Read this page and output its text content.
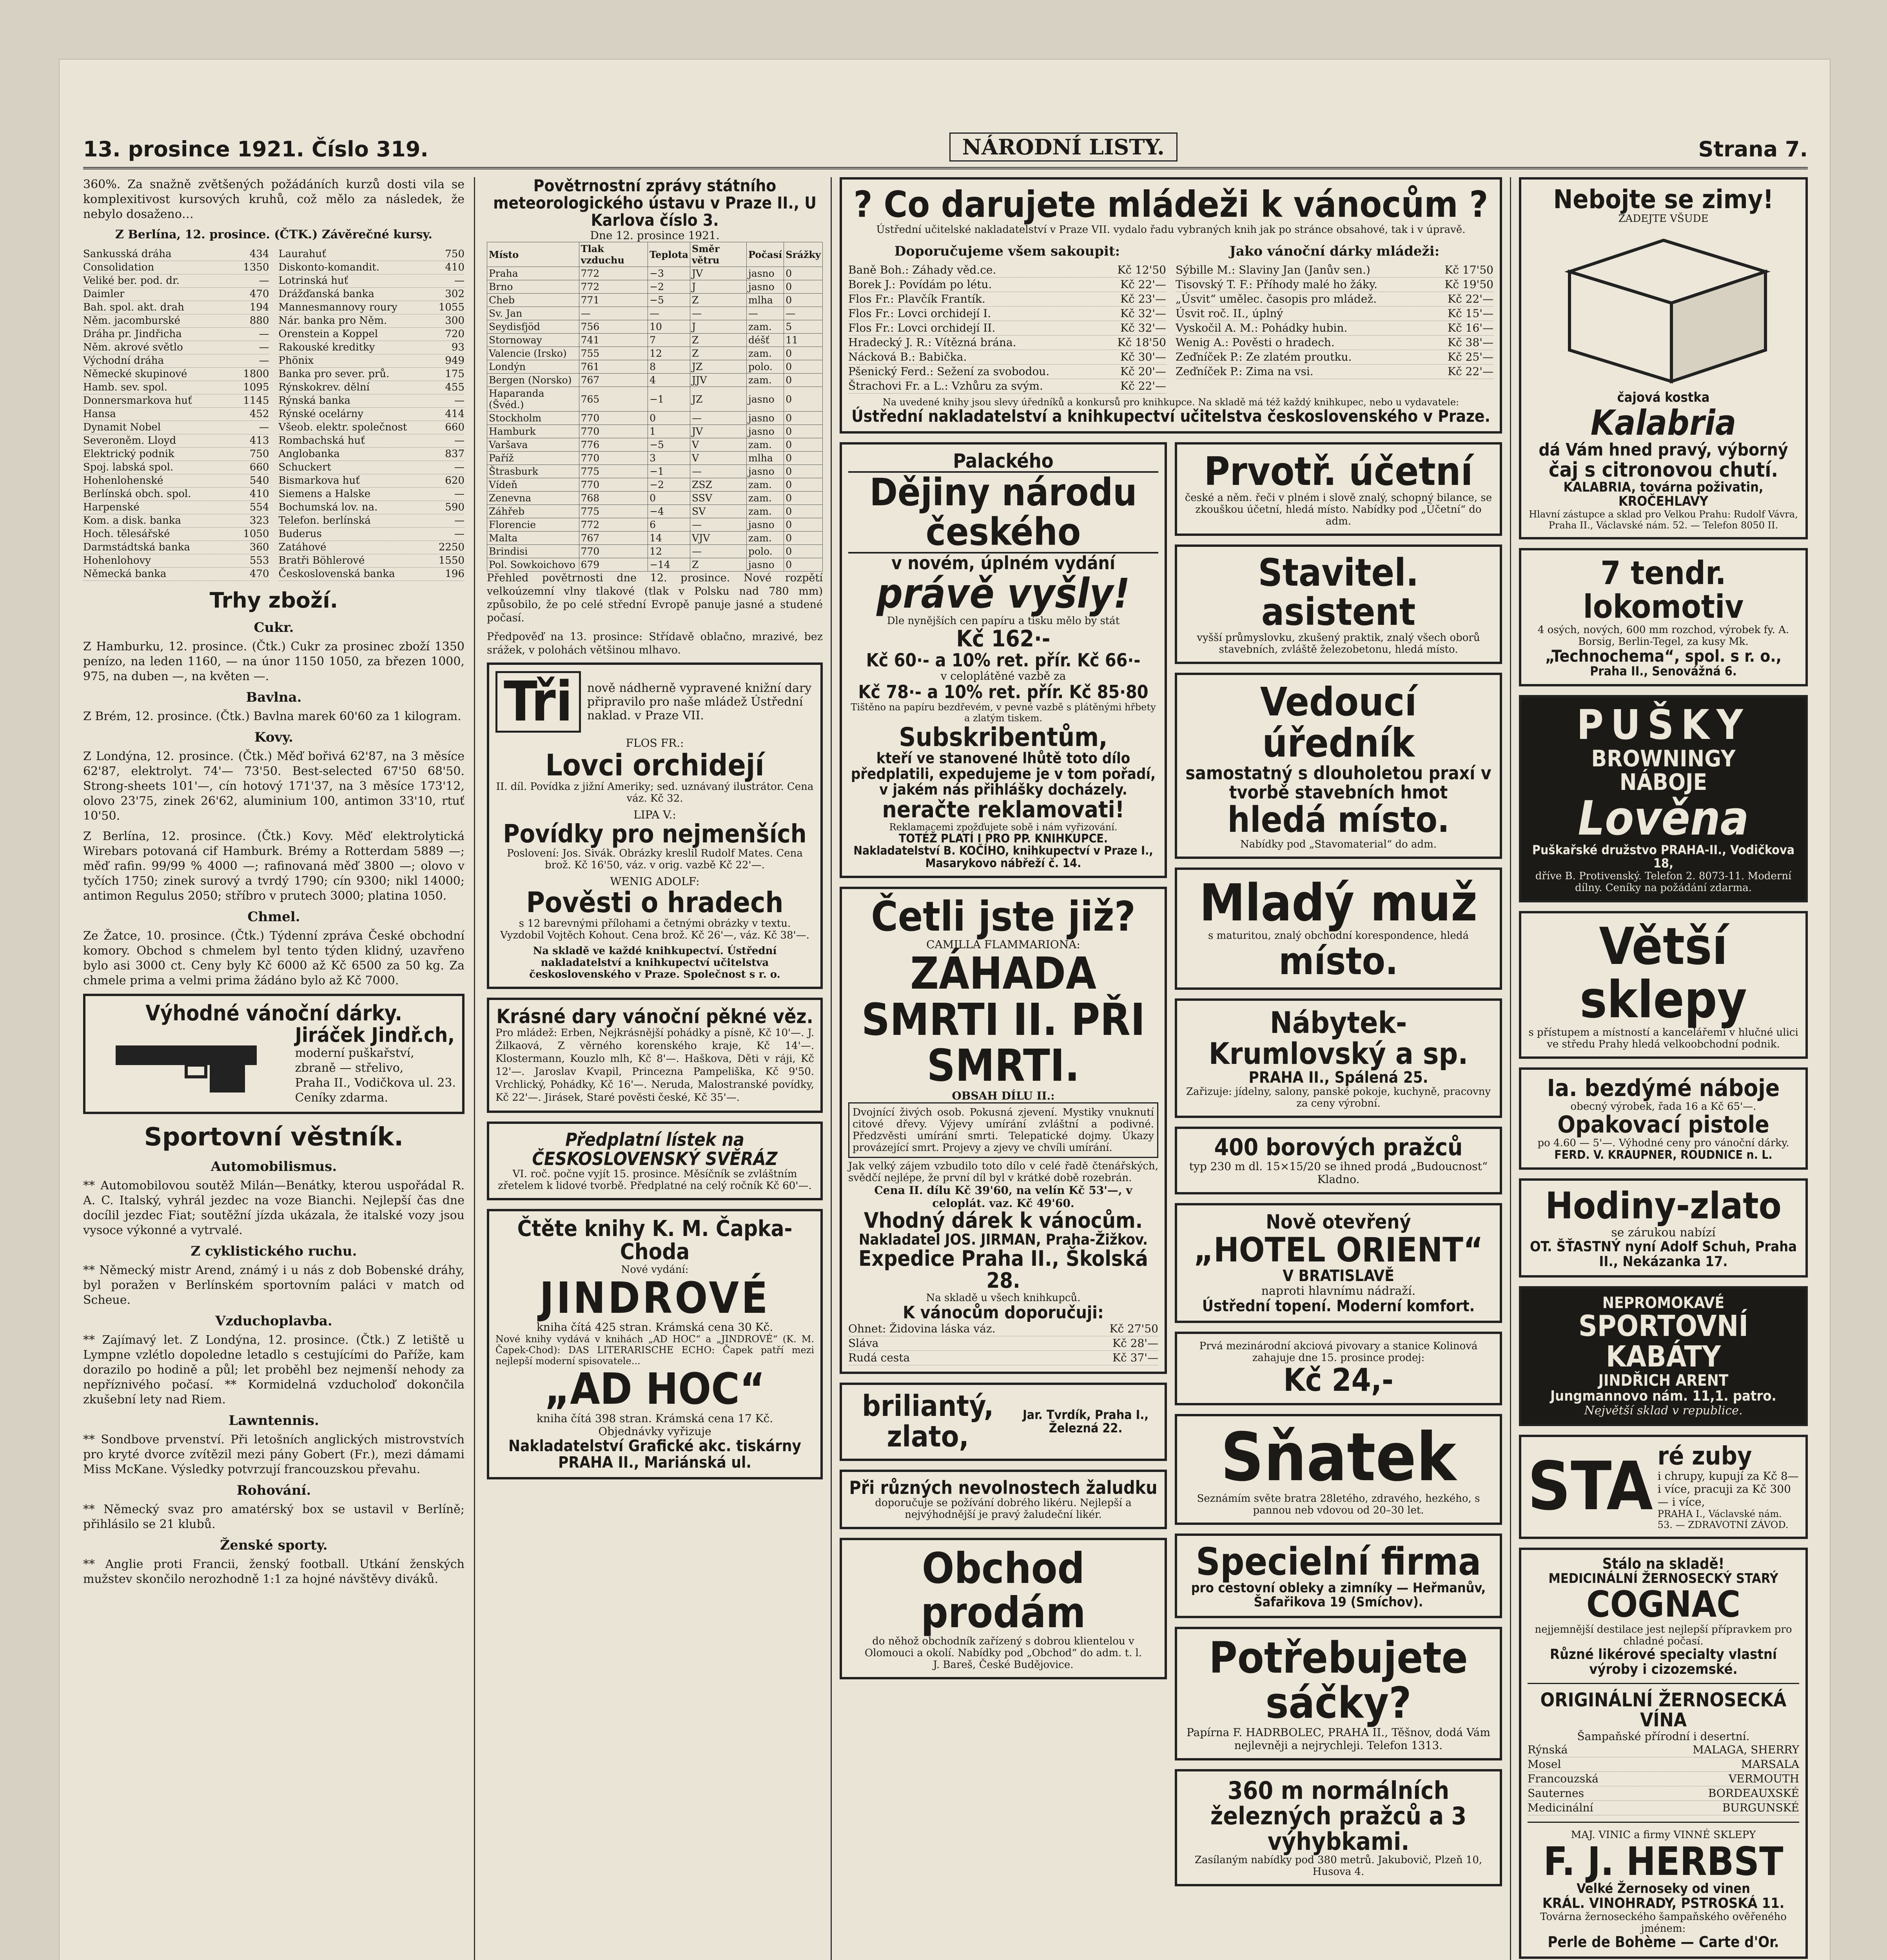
13. prosince 1921. Číslo 319.	NÁRODNÍ LISTY.	Strana 7.

360%. Za snažně zvětšených požádáních kurzů dosti vila se komplexitivost kursových kruhů, což mělo za následek, že nebylo dosaženo…

Z Berlína, 12. prosince. (ČTK.) Závěrečné kursy.

Sankusská dráha	434
Consolidation	1350
Veliké ber. pod. dr.	—
Daimler	470
Bah. spol. akt. drah	194
Něm. jacomburské	880
Dráha pr. Jindřicha	—
Něm. akrové světlo	—
Východní dráha	—
Německé skupinové	1800
Hamb. sev. spol.	1095
Donnersmarkova huť	1145
Hansa	452
Dynamit Nobel	—
Severoněm. Lloyd	413
Elektrický podnik	750
Spoj. labská spol.	660
Hohenlohenské	540
Berlínská obch. spol.	410
Harpenské	554
Kom. a disk. banka	323
Hoch. tělesářské	1050
Darmstádtská banka	360
Hohenlohovy	553
Německá banka	470
Laurahuť	750
Diskonto-komandit.	410
Lotrinská huť	—
Drážďanská banka	302
Mannesmannovy roury	1055
Nár. banka pro Něm.	300
Orenstein a Koppel	720
Rakouské kreditky	93
Phönix	949
Banka pro sever. prů.	175
Rýnskokrev. dělní	455
Rýnská banka	—
Rýnské ocelárny	414
Všeob. elektr. společnost	660
Rombachská huť	—
Anglobanka	837
Schuckert	—
Bismarkova huť	620
Siemens a Halske	—
Bochumská lov. na.	590
Telefon. berlínská	—
Buderus	—
Zatáhové	2250
Bratři Böhlerové	1550
Československá banka	196
Trhy zboží.
Cukr.

Z Hamburku, 12. prosince. (Čtk.) Cukr za prosinec zboží 1350 penízo, na leden 1160, — na únor 1150 1050, za březen 1000, 975, na duben —, na květen —.

Bavlna.

Z Brém, 12. prosince. (Čtk.) Bavlna marek 60'60 za 1 kilogram.

Kovy.

Z Londýna, 12. prosince. (Čtk.) Měď bořivá 62'87, na 3 měsíce 62'87, elektrolyt. 74'— 73'50. Best-selected 67'50 68'50. Strong-sheets 101'—, cín hotový 171'37, na 3 měsíce 173'12, olovo 23'75, zinek 26'62, aluminium 100, antimon 33'10, rtuť 10'50.

Z Berlína, 12. prosince. (Čtk.) Kovy. Měď elektrolytická Wirebars potovaná cif Hamburk. Brémy a Rotterdam 5889 —; měď rafin. 99/99 % 4000 —; rafinovaná měď 3800 —; olovo v tyčích 1750; zinek surový a tvrdý 1790; cín 9300; nikl 14000; antimon Regulus 2050; stříbro v prutech 3000; platina 1050.

Chmel.

Ze Žatce, 10. prosince. (Čtk.) Týdenní zpráva České obchodní komory. Obchod s chmelem byl tento týden klidný, uzavřeno bylo asi 3000 ct. Ceny byly Kč 6000 až Kč 6500 za 50 kg. Za chmele prima a velmi prima žádáno bylo až Kč 7000.

Výhodné vánoční dárky.
Jiráček Jindř.ch,
moderní puškařství,
zbraně — střelivo,
Praha II., Vodičkova ul. 23.
Ceníky zdarma.
Sportovní věstník.
Automobilismus.

** Automobilovou soutěž Milán—Benátky, kterou uspořádal R. A. C. Italský, vyhrál jezdec na voze Bianchi. Nejlepší čas dne docílil jezdec Fiat; soutěžní jízda ukázala, že italské vozy jsou vysoce výkonné a vytrvalé.

Z cyklistického ruchu.

** Německý mistr Arend, známý i u nás z dob Bobenské dráhy, byl poražen v Berlínském sportovním paláci v match od Scheue.

Vzduchoplavba.

** Zajímavý let. Z Londýna, 12. prosince. (Čtk.) Z letiště u Lympne vzlétlo dopoledne letadlo s cestujícími do Paříže, kam dorazilo po hodině a půl; let proběhl bez nejmenší nehody za nepříznivého počasí. ** Kormidelná vzducholoď dokončila zkušební lety nad Riem.

Lawntennis.

** Sondbove prvenství. Při letošních anglických mistrovstvích pro kryté dvorce zvítězil mezi pány Gobert (Fr.), mezi dámami Miss McKane. Výsledky potvrzují francouzskou převahu.

Rohování.

** Německý svaz pro amatérský box se ustavil v Berlíně; přihlásilo se 21 klubů.

Ženské sporty.

** Anglie proti Francii, ženský football. Utkání ženských mužstev skončilo nerozhodně 1:1 za hojné návštěvy diváků.

Povětrnostní zprávy státního meteorologického ústavu v Praze II., U Karlova číslo 3.
Dne 12. prosince 1921.
Místo	Tlak vzduchu	Teplota	Směr větru	Počasí	Srážky
Praha	772	−3	JV	jasno	0
Brno	772	−2	J	jasno	0
Cheb	771	−5	Z	mlha	0
Sv. Jan	—	—	—	—	—
Seydisfjöd	756	10	J	zam.	5
Stornoway	741	7	Z	déšť	11
Valencie (Irsko)	755	12	Z	zam.	0
Londýn	761	8	JZ	polo.	0
Bergen (Norsko)	767	4	JJV	zam.	0
Haparanda (Švéd.)	765	−1	JZ	jasno	0
Stockholm	770	0	—	jasno	0
Hamburk	770	1	JV	jasno	0
Varšava	776	−5	V	zam.	0
Paříž	770	3	V	mlha	0
Štrasburk	775	−1	—	jasno	0
Vídeň	770	−2	ZSZ	zam.	0
Zenevna	768	0	SSV	zam.	0
Záhřeb	775	−4	SV	zam.	0
Florencie	772	6	—	jasno	0
Malta	767	14	VJV	zam.	0
Brindisi	770	12	—	polo.	0
Pol. Sowkoichovo	679	−14	Z	jasno	0

Přehled povětrnosti dne 12. prosince. Nové rozpětí velkoúzemní vlny tlakové (tlak v Polsku nad 780 mm) způsobilo, že po celé střední Evropě panuje jasné a studené počasí.

Předpověď na 13. prosince: Střídavě oblačno, mrazivé, bez srážek, v polohách většinou mlhavo.

Tři	nově nádherně vypravené knižní dary připravilo pro naše mládež Ústřední naklad. v Praze VII.
FLOS FR.:
Lovci orchidejí
II. díl. Povídka z jižní Ameriky; sed. uznávaný ilustrátor. Cena váz. Kč 32.
LIPA V.:
Povídky pro nejmenších
Poslovení: Jos. Sivák. Obrázky kreslil Rudolf Mates. Cena brož. Kč 16'50, váz. v orig. vazbě Kč 22'—.
WENIG ADOLF:
Pověsti o hradech
s 12 barevnými přílohami a četnými obrázky v textu. Vyzdobil Vojtěch Kohout. Cena brož. Kč 26'—, váz. Kč 38'—.
Na skladě ve každé knihkupectví. Ústřední nakladatelství a knihkupectví učitelstva československého v Praze. Společnost s r. o.
Krásné dary vánoční pěkné věz.
Pro mládež: Erben, Nejkrásnější pohádky a písně, Kč 10'—. J. Žilkaová, Z věrného korenského kraje, Kč 14'—. Klostermann, Kouzlo mlh, Kč 8'—. Haškova, Děti v ráji, Kč 12'—. Jaroslav Kvapil, Princezna Pampeliška, Kč 9'50. Vrchlický, Pohádky, Kč 16'—. Neruda, Malostranské povídky, Kč 22'—. Jirásek, Staré pověsti české, Kč 35'—.
Předplatní lístek na ČESKOSLOVENSKÝ SVĚRÁZ
VI. roč. počne vyjít 15. prosince. Měsíčník se zvláštním zřetelem k lidové tvorbě. Předplatné na celý ročník Kč 60'—.
Čtěte knihy K. M. Čapka-Choda
Nové vydání:
JINDROVÉ
kniha čítá 425 stran. Krámská cena 30 Kč.
Nové knihy vydává v knihách „AD HOC“ a „JINDROVÉ“ (K. M. Čapek-Chod): DAS LITERARISCHE ECHO: Čapek patří mezi nejlepší moderní spisovatele...
„AD HOC“
kniha čítá 398 stran. Krámská cena 17 Kč.
Objednávky vyřizuje
Nakladatelství Grafické akc. tiskárny PRAHA II., Mariánská ul.
? Co darujete mládeži k vánocům ?
Ústřední učitelské nakladatelství v Praze VII. vydalo řadu vybraných knih jak po stránce obsahové, tak i v úpravě.
Doporučujeme všem sakoupit:
Baně Boh.: Záhady věd.ce.	Kč 12'50
Borek J.: Povídám po létu.	Kč 22'—
Flos Fr.: Plavčík Frantík.	Kč 23'—
Flos Fr.: Lovci orchidejí I.	Kč 32'—
Flos Fr.: Lovci orchidejí II.	Kč 32'—
Hradecký J. R.: Vítězná brána.	Kč 18'50
Nácková B.: Babička.	Kč 30'—
Pšenický Ferd.: Sežení za svobodou.	Kč 20'—
Štrachovi Fr. a L.: Vzhůru za svým.	Kč 22'—
Jako vánoční dárky mládeži:
Sýbille M.: Slaviny Jan (Janův sen.)	Kč 17'50
Tisovský T. F.: Příhody malé ho žáky.	Kč 19'50
„Úsvit“ umělec. časopis pro mládež.	Kč 22'—
Úsvit roč. II., úplný	Kč 15'—
Vyskočil A. M.: Pohádky hubin.	Kč 16'—
Wenig A.: Pověsti o hradech.	Kč 38'—
Zeďníček P.: Ze zlatém proutku.	Kč 25'—
Zeďníček P.: Zima na vsi.	Kč 22'—
Na uvedené knihy jsou slevy úředníků a konkursů pro knihkupce. Na skladě má též každý knihkupec, nebo u vydavatele:
Ústřední nakladatelství a knihkupectví učitelstva československého v Praze.
Palackého
Dějiny národu českého
v novém, úplném vydání
právě vyšly!
Dle nynějších cen papíru a tisku mělo by stát
Kč 162·-
Kč 60·- a 10% ret. přír. Kč 66·-
v celoplátěné vazbě za
Kč 78·- a 10% ret. přír. Kč 85·80
Tištěno na papíru bezdřevém, v pevné vazbě s plátěnými hřbety a zlatým tiskem.
Subskribentům,
kteří ve stanovené lhůtě toto dílo předplatili, expedujeme je v tom pořadí, v jakém nás přihlášky docházely.
neračte reklamovati!
Reklamacemi zpožďujete sobě i nám vyřizování.
TOTÉŽ PLATÍ I PRO PP. KNIHKUPCE.
Nakladatelství B. KOČÍHO, knihkupectví v Praze I., Masarykovo nábřeží č. 14.
Četli jste již?
CAMILLA FLAMMARIONA:
ZÁHADA SMRTI II. PŘI SMRTI.
OBSAH DÍLU II.:
Dvojnící živých osob. Pokusná zjevení. Mystiky vnuknutí citové dřevy. Výjevy umírání zvláštní a podivné. Předzvěsti umírání smrti. Telepatické dojmy. Úkazy provázející smrt. Projevy a zjevy ve chvíli umírání.
Jak velký zájem vzbudilo toto dílo v celé řadě čtenářských, svědčí nejlépe, že první díl byl v krátké době rozebrán.
Cena II. dílu Kč 39'60, na velín Kč 53'—, v celoplát. vaz. Kč 49'60.
Vhodný dárek k vánocům.
Nakladatel JOS. JIRMAN, Praha-Žižkov.
Expedice Praha II., Školská 28.
Na skladě u všech knihkupců.
K vánocům doporučuji:
Ohnet: Židovina láska váz.	Kč 27'50
Sláva	Kč 28'—
Rudá cesta	Kč 37'—
briliantý, zlato,
Jar. Tvrdík, Praha I., Železná 22.
Při různých nevolnostech žaludku
doporučuje se požívání dobrého likéru. Nejlepší a nejvýhodnější je pravý žaludeční likér.
Obchod prodám
do něhož obchodník zařízený s dobrou klientelou v Olomouci a okolí. Nabídky pod „Obchod“ do adm. t. l.
J. Bareš, České Budějovice.
Prvotř. účetní
české a něm. řeči v plném i slově znalý, schopný bilance, se zkouškou účetní, hledá místo. Nabídky pod „Účetní“ do adm.
Stavitel. asistent
vyšší průmyslovku, zkušený praktik, znalý všech oborů stavebních, zvláště železobetonu, hledá místo.
Vedoucí úředník
samostatný s dlouholetou praxí v tvorbě stavebních hmot
hledá místo.
Nabídky pod „Stavomaterial“ do adm.
Mladý muž
s maturitou, znalý obchodní korespondence, hledá
místo.
Nábytek-Krumlovský a sp.
PRAHA II., Spálená 25.
Zařizuje: jídelny, salony, panské pokoje, kuchyně, pracovny za ceny výrobní.
400 borových pražců
typ 230 m dl. 15×15/20 se ihned prodá „Budoucnost“ Kladno.
Nově otevřený
„HOTEL ORIENT“
V BRATISLAVĚ
naproti hlavnímu nádraží.
Ústřední topení. Moderní komfort.
Prvá mezinárodní akciová pivovary a stanice Kolinová zahajuje dne 15. prosince prodej:
Kč 24,-
Sňatek
Seznámím světe bratra 28letého, zdravého, hezkého, s pannou neb vdovou od 20–30 let.
Specielní firma
pro cestovní obleky a zimníky — Heřmanův, Šafařikova 19 (Smíchov).
Potřebujete sáčky?
Papírna F. HADRBOLEC, PRAHA II., Těšnov, dodá Vám nejlevněji a nejrychleji. Telefon 1313.
360 m normálních železných pražců a 3 výhybkami.
Zasílaným nabídky pod 380 metrů. Jakubovič, Plzeň 10, Husova 4.
Nebojte se zimy!
ZADEJTE VŠUDE
čajová kostka
Kalabria
dá Vám hned pravý, výborný
čaj s citronovou chutí.
KALABRIA, továrna poživatin, KROČEHLAVY
Hlavní zástupce a sklad pro Velkou Prahu: Rudolf Vávra, Praha II., Václavské nám. 52. — Telefon 8050 II.
7 tendr. lokomotiv
4 osých, nových, 600 mm rozchod, výrobek fy. A. Borsig, Berlin-Tegel, za kusy Mk.
„Technochema“, spol. s r. o.,
Praha II., Senovážná 6.
PUŠKY
BROWNINGY
NÁBOJE
Lověna
Puškařské družstvo PRAHA-II., Vodičkova 18,
dříve B. Protivenský. Telefon 2. 8073-11. Moderní dílny. Ceníky na požádání zdarma.
Větší sklepy
s přístupem a místností a kancelářemi v hlučné ulici ve středu Prahy hledá velkoobchodní podnik.
Ia. bezdýmé náboje
obecný výrobek, řada 16 a Kč 65'—.
Opakovací pistole
po 4.60 — 5'—. Výhodné ceny pro vánoční dárky.
FERD. V. KRAUPNER, ROUDNICE n. L.
Hodiny-zlato
se zárukou nabízí
OT. ŠŤASTNÝ nyní Adolf Schuh, Praha II., Nekázanka 17.
NEPROMOKAVÉ
SPORTOVNÍ KABÁTY
JINDŘICH ARENT
Jungmannovo nám. 11,1. patro.
Největší sklad v republice.
STA ré zuby
i chrupy, kupují za Kč 8— i více, pracuji za Kč 300— i více,
PRAHA I., Václavské nám. 53. — ZDRAVOTNÍ ZÁVOD.
Stálo na skladě!
MEDICINÁLNÍ ŽERNOSECKÝ STARÝ
COGNAC
nejjemnější destilace jest nejlepší přípravkem pro chladné počasí.
Různé likérové specialty vlastní výroby i cizozemské.
ORIGINÁLNÍ ŽERNOSECKÁ VÍNA
Šampaňské přírodní i desertní.
Rýnská	MALAGA, SHERRY
Mosel	MARSALA
Francouzská	VERMOUTH
Sauternes	BORDEAUXSKÉ
Medicinální	BURGUNSKÉ
MAJ. VINIC a firmy VINNÉ SKLEPY
F. J. HERBST
Velké Žernoseky od vinen
KRÁL. VINOHRADY, PSTROSKÁ 11.
Továrna žernoseckého šampaňského ověřeného jménem:
Perle de Bohème — Carte d'Or.
